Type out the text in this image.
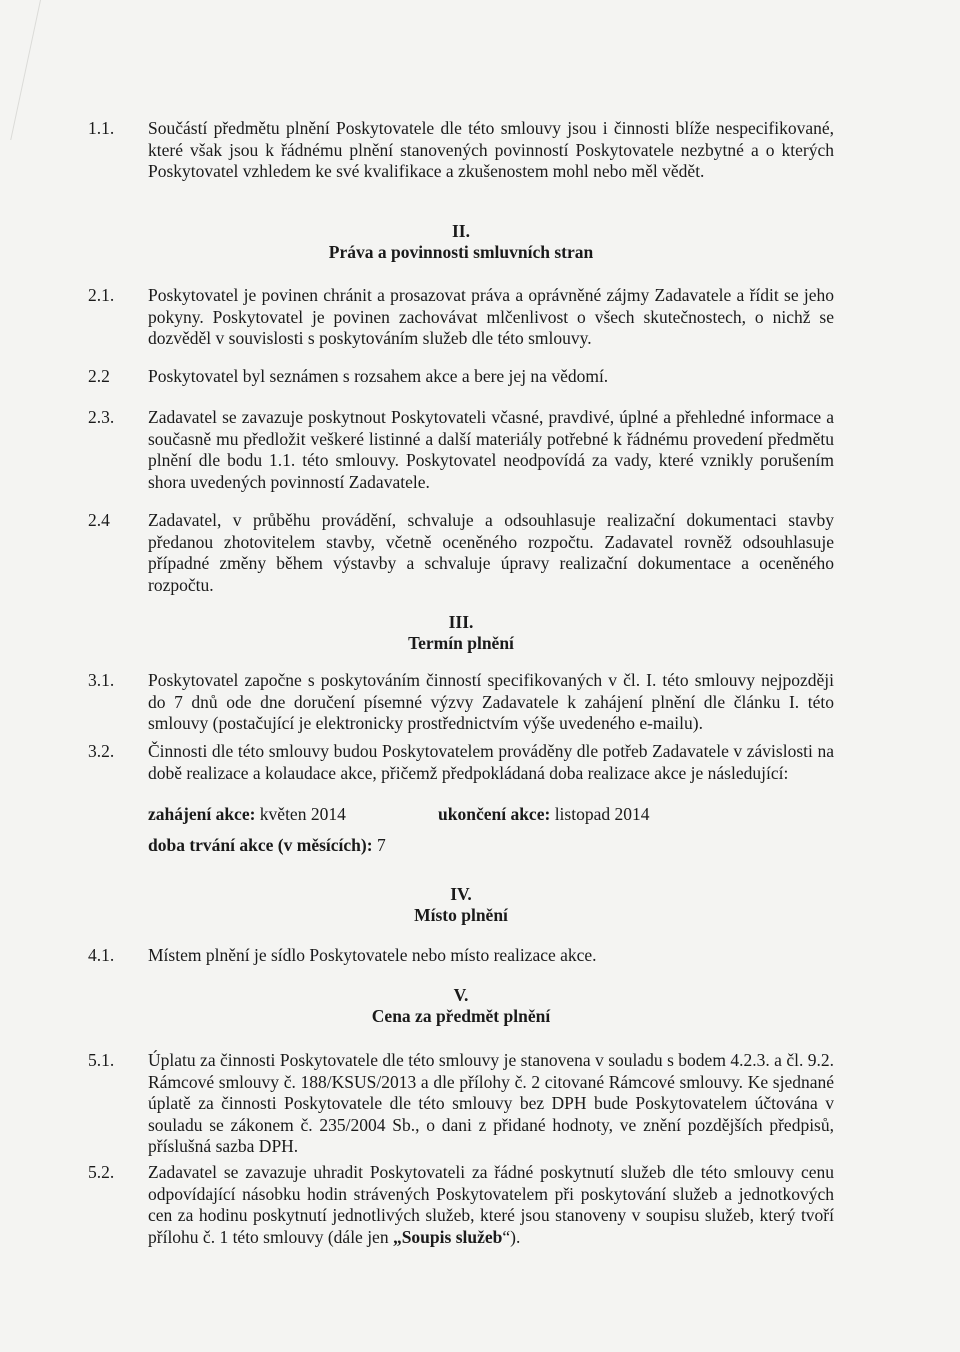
1.1.	Součástí předmětu plnění Poskytovatele dle této smlouvy jsou i činnosti blíže nespecifikované, které však jsou k řádnému plnění stanovených povinností Poskytovatele nezbytné a o kterých Poskytovatel vzhledem ke své kvalifikace a zkušenostem mohl nebo měl vědět.
II.
Práva a povinnosti smluvních stran
2.1.	Poskytovatel je povinen chránit a prosazovat práva a oprávněné zájmy Zadavatele a řídit se jeho pokyny. Poskytovatel je povinen zachovávat mlčenlivost o všech skutečnostech, o nichž se dozvěděl v souvislosti s poskytováním služeb dle této smlouvy.
2.2	Poskytovatel byl seznámen s rozsahem akce a bere jej na vědomí.
2.3.	Zadavatel se zavazuje poskytnout Poskytovateli včasné, pravdivé, úplné a přehledné informace a současně mu předložit veškeré listinné a další materiály potřebné k řádnému provedení předmětu plnění dle bodu 1.1. této smlouvy. Poskytovatel neodpovídá za vady, které vznikly porušením shora uvedených povinností Zadavatele.
2.4	Zadavatel, v průběhu provádění, schvaluje a odsouhlasuje realizační dokumentaci stavby předanou zhotovitelem stavby, včetně oceněného rozpočtu. Zadavatel rovněž odsouhlasuje případné změny během výstavby a schvaluje úpravy realizační dokumentace a oceněného rozpočtu.
III.
Termín plnění
3.1.	Poskytovatel započne s poskytováním činností specifikovaných v čl. I. této smlouvy nejpozději do 7 dnů ode dne doručení písemné výzvy Zadavatele k zahájení plnění dle článku I. této smlouvy (postačující je elektronicky prostřednictvím výše uvedeného e-mailu).
3.2.	Činnosti dle této smlouvy budou Poskytovatelem prováděny dle potřeb Zadavatele v závislosti na době realizace a kolaudace akce, přičemž předpokládaná doba realizace akce je následující:
zahájení akce: květen 2014	ukončení akce: listopad 2014
doba trvání akce (v měsících): 7
IV.
Místo plnění
4.1.	Místem plnění je sídlo Poskytovatele nebo místo realizace akce.
V.
Cena za předmět plnění
5.1.	Úplatu za činnosti Poskytovatele dle této smlouvy je stanovena v souladu s bodem 4.2.3. a čl. 9.2. Rámcové smlouvy č. 188/KSUS/2013 a dle přílohy č. 2 citované Rámcové smlouvy. Ke sjednané úplatě za činnosti Poskytovatele dle této smlouvy bez DPH bude Poskytovatelem účtována v souladu se zákonem č. 235/2004 Sb., o dani z přidané hodnoty, ve znění pozdějších předpisů, příslušná sazba DPH.
5.2.	Zadavatel se zavazuje uhradit Poskytovateli za řádné poskytnutí služeb dle této smlouvy cenu odpovídající násobku hodin strávených Poskytovatelem při poskytování služeb a jednotkových cen za hodinu poskytnutí jednotlivých služeb, které jsou stanoveny v soupisu služeb, který tvoří přílohu č. 1 této smlouvy (dále jen „Soupis služeb“).
